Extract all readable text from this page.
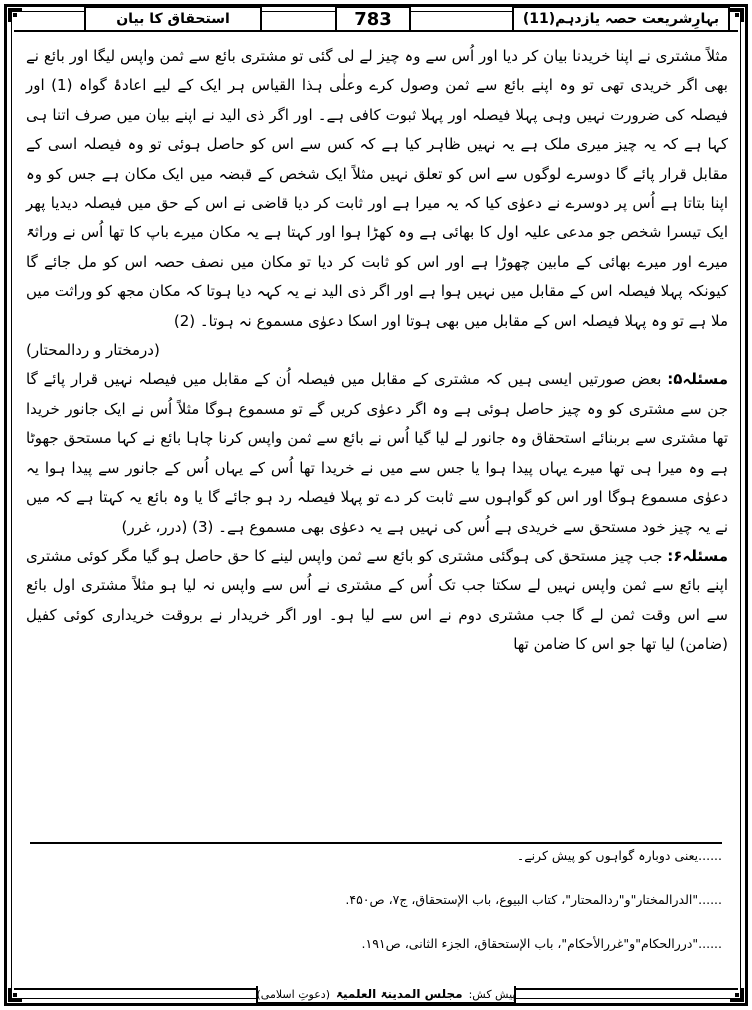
استحقاق کا بیان	783	بہارِشریعت حصہ یازدہم(11)

مثلاً مشتری نے اپنا خریدنا بیان کر دیا اور اُس سے وہ چیز لے لی گئی تو مشتری بائع سے ثمن واپس لیگا اور بائع نے بھی اگر خریدی تھی تو وہ اپنے بائع سے ثمن وصول کرے وعلٰی ہذا القیاس ہر ایک کے لیے اعادۂ گواہ (1) اور فیصلہ کی ضرورت نہیں وہی پہلا فیصلہ اور پہلا ثبوت کافی ہے۔ اور اگر ذی الید نے اپنے بیان میں صرف اتنا ہی کہا ہے کہ یہ چیز میری ملک ہے یہ نہیں ظاہر کیا ہے کہ کس سے اس کو حاصل ہوئی تو وہ فیصلہ اسی کے مقابل قرار پائے گا دوسرے لوگوں سے اس کو تعلق نہیں مثلاً ایک شخص کے قبضہ میں ایک مکان ہے جس کو وہ اپنا بتاتا ہے اُس پر دوسرے نے دعوٰی کیا کہ یہ میرا ہے اور ثابت کر دیا قاضی نے اس کے حق میں فیصلہ دیدیا پھر ایک تیسرا شخص جو مدعی علیہ اول کا بھائی ہے وہ کھڑا ہوا اور کہتا ہے یہ مکان میرے باپ کا تھا اُس نے وراثۃً میرے اور میرے بھائی کے مابین چھوڑا ہے اور اس کو ثابت کر دیا تو مکان میں نصف حصہ اس کو مل جائے گا کیونکہ پہلا فیصلہ اس کے مقابل میں نہیں ہوا ہے اور اگر ذی الید نے یہ کہہ دیا ہوتا کہ مکان مجھ کو وراثت میں ملا ہے تو وہ پہلا فیصلہ اس کے مقابل میں بھی ہوتا اور اسکا دعوٰی مسموع نہ ہوتا۔ (2)
(درمختار و ردالمحتار)

مسئلہ۵: بعض صورتیں ایسی ہیں کہ مشتری کے مقابل میں فیصلہ اُن کے مقابل میں فیصلہ نہیں قرار پائے گا جن سے مشتری کو وہ چیز حاصل ہوئی ہے وہ اگر دعوٰی کریں گے تو مسموع ہوگا مثلاً اُس نے ایک جانور خریدا تھا مشتری سے بربنائے استحقاق وہ جانور لے لیا گیا اُس نے بائع سے ثمن واپس کرنا چاہا بائع نے کہا مستحق جھوٹا ہے وہ میرا ہی تھا میرے یہاں پیدا ہوا یا جس سے میں نے خریدا تھا اُس کے یہاں اُس کے جانور سے پیدا ہوا یہ دعوٰی مسموع ہوگا اور اس کو گواہوں سے ثابت کر دے تو پہلا فیصلہ رد ہو جائے گا یا وہ بائع یہ کہتا ہے کہ میں نے یہ چیز خود مستحق سے خریدی ہے اُس کی نہیں ہے یہ دعوٰی بھی مسموع ہے۔ (3) (درر، غرر)

مسئلہ۶: جب چیز مستحق کی ہوگئی مشتری کو بائع سے ثمن واپس لینے کا حق حاصل ہو گیا مگر کوئی مشتری اپنے بائع سے ثمن واپس نہیں لے سکتا جب تک اُس کے مشتری نے اُس سے واپس نہ لیا ہو مثلاً مشتری اول بائع سے اس وقت ثمن لے گا جب مشتری دوم نے اس سے لیا ہو۔ اور اگر خریدار نے بروقت خریداری کوئی کفیل (ضامن) لیا تھا جو اس کا ضامن تھا

......یعنی دوبارہ گواہوں کو پیش کرنے۔
......"الدرالمختار"و"ردالمحتار"، کتاب البیوع، باب الإستحقاق، ج۷، ص۴۵۰.
......"دررالحکام"و"غررالأحکام"، باب الإستحقاق، الجزء الثانی، ص۱۹۱.
پیش کش:
مجلس المدینۃ العلمیۃ
(دعوتِ اسلامی)
